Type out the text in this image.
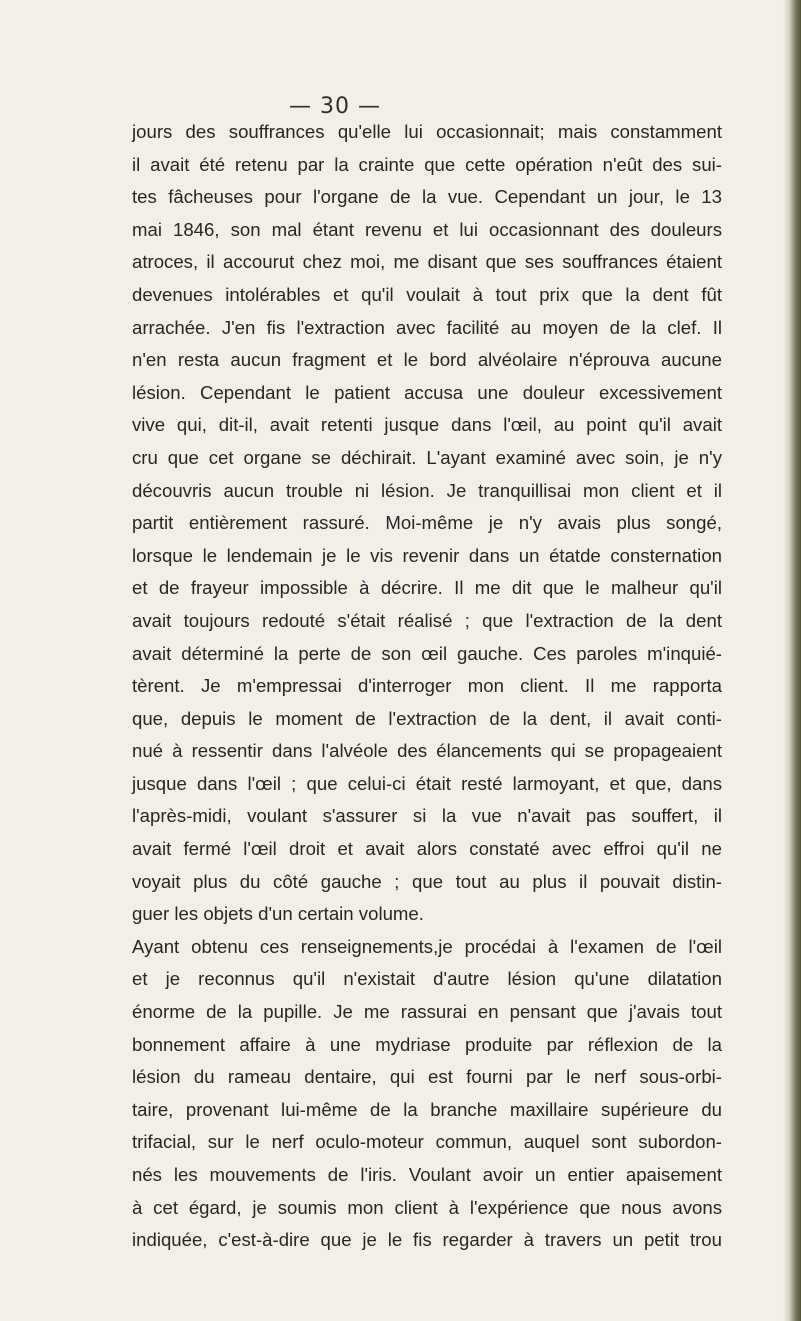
— 30 —
jours des souffrances qu'elle lui occasionnait; mais constamment
il avait été retenu par la crainte que cette opération n'eût des sui-
tes fâcheuses pour l'organe de la vue. Cependant un jour, le 13
mai 1846, son mal étant revenu et lui occasionnant des douleurs
atroces, il accourut chez moi, me disant que ses souffrances étaient
devenues intolérables et qu'il voulait à tout prix que la dent fût
arrachée. J'en fis l'extraction avec facilité au moyen de la clef. Il
n'en resta aucun fragment et le bord alvéolaire n'éprouva aucune
lésion. Cependant le patient accusa une douleur excessivement
vive qui, dit-il, avait retenti jusque dans l'œil, au point qu'il avait
cru que cet organe se déchirait. L'ayant examiné avec soin, je n'y
découvris aucun trouble ni lésion. Je tranquillisai mon client et il
partit entièrement rassuré. Moi-même je n'y avais plus songé,
lorsque le lendemain je le vis revenir dans un étatde consternation
et de frayeur impossible à décrire. Il me dit que le malheur qu'il
avait toujours redouté s'était réalisé ; que l'extraction de la dent
avait déterminé la perte de son œil gauche. Ces paroles m'inquié-
tèrent. Je m'empressai d'interroger mon client. Il me rapporta
que, depuis le moment de l'extraction de la dent, il avait conti-
nué à ressentir dans l'alvéole des élancements qui se propageaient
jusque dans l'œil ; que celui-ci était resté larmoyant, et que, dans
l'après-midi, voulant s'assurer si la vue n'avait pas souffert, il
avait fermé l'œil droit et avait alors constaté avec effroi qu'il ne
voyait plus du côté gauche ; que tout au plus il pouvait distin-
guer les objets d'un certain volume.
Ayant obtenu ces renseignements,je procédai à l'examen de l'œil
et je reconnus qu'il n'existait d'autre lésion qu'une dilatation
énorme de la pupille. Je me rassurai en pensant que j'avais tout
bonnement affaire à une mydriase produite par réflexion de la
lésion du rameau dentaire, qui est fourni par le nerf sous-orbi-
taire, provenant lui-même de la branche maxillaire supérieure du
trifacial, sur le nerf oculo-moteur commun, auquel sont subordon-
nés les mouvements de l'iris. Voulant avoir un entier apaisement
à cet égard, je soumis mon client à l'expérience que nous avons
indiquée, c'est-à-dire que je le fis regarder à travers un petit trou
